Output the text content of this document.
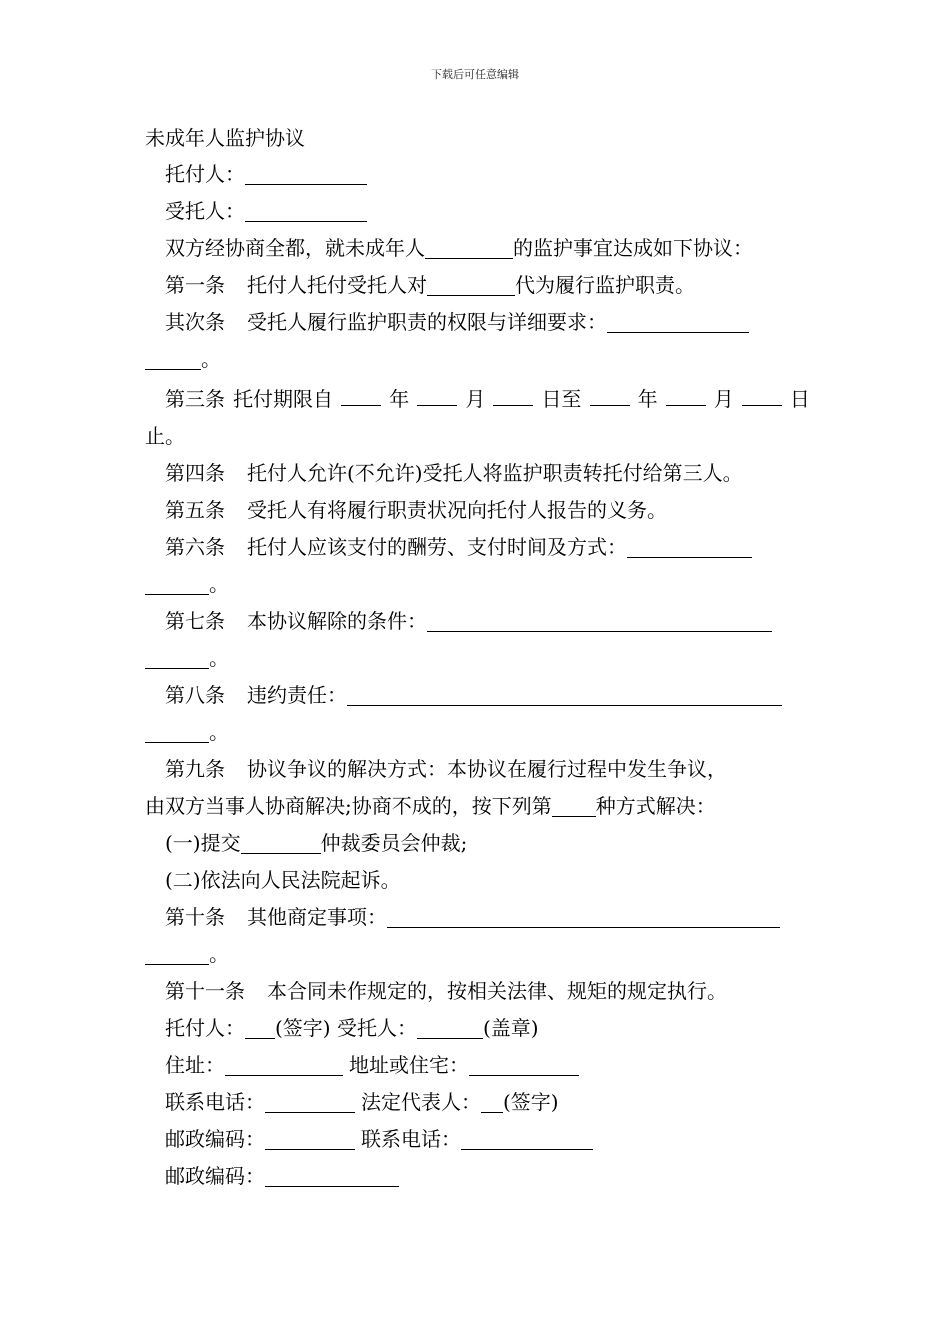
下载后可任意编辑
未成年人监护协议
托付人：
受托人：
双方经协商全都，就未成年人	的监护事宜达成如下协议：
第一条 托付人托付受托人对	代为履行监护职责。
其次条 受托人履行监护职责的权限与详细要求：
。
第三条 托付期限自	年	月	日至	年	月	日
止。
第四条 托付人允许(不允许)受托人将监护职责转托付给第三人。
第五条 受托人有将履行职责状况向托付人报告的义务。
第六条 托付人应该支付的酬劳、支付时间及方式：
。
第七条 本协议解除的条件：
。
第八条 违约责任：
。
第九条 协议争议的解决方式：本协议在履行过程中发生争议，
由双方当事人协商解决;协商不成的，按下列第 种方式解决：
(一)提交	仲裁委员会仲裁;
(二)依法向人民法院起诉。
第十条 其他商定事项：
。
第十一条 本合同未作规定的，按相关法律、规矩的规定执行。
托付人： (签字) 受托人：	(盖章)
住址：	地址或住宅：
联系电话：	法定代表人： (签字)
邮政编码：	联系电话：
邮政编码：
